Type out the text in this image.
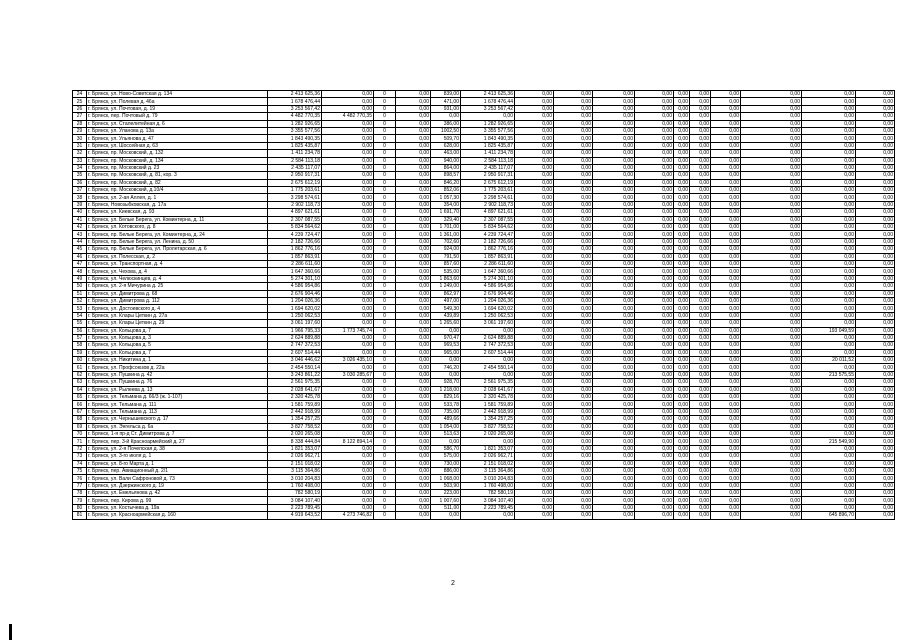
24	г. Брянск, ул. Ново-Советская д. 134	2 413 625,36	0,00	0	0,00	839,00	2 413 625,36	0,00	0,00	0,00	0,00	0,00	0,00	0,00	0,00	0,00	0,00
25	г. Брянск, ул. Полевая д. 46а	1 678 476,44	0,00	0	0,00	471,00	1 678 476,44	0,00	0,00	0,00	0,00	0,00	0,00	0,00	0,00	0,00	0,00
26	г. Брянск, ул. Почтовая, д. 19	3 253 567,42	0,00	0	0,00	931,00	3 253 567,42	0,00	0,00	0,00	0,00	0,00	0,00	0,00	0,00	0,00	0,00
27	г. Брянск, пер. Почтовый д. 79	4 482 770,35	4 482 770,35	0	0,00	0,00	0,00	0,00	0,00	0,00	0,00	0,00	0,00	0,00	0,00	0,00	0,00
28	г. Брянск, ул. Сталелитейная д. 6	1 282 926,65	0,00	0	0,00	386,00	1 282 926,65	0,00	0,00	0,00	0,00	0,00	0,00	0,00	0,00	0,00	0,00
29	г. Брянск, ул. Уланова д. 13а	3 355 577,56	0,00	0	0,00	1002,50	3 355 577,56	0,00	0,00	0,00	0,00	0,00	0,00	0,00	0,00	0,00	0,00
30	г. Брянск, ул. Ульянова д. 47	1 843 490,35	0,00	0	0,00	509,70	1 843 490,35	0,00	0,00	0,00	0,00	0,00	0,00	0,00	0,00	0,00	0,00
31	г. Брянск, ул. Шоссейная д. 63	1 825 435,87	0,00	0	0,00	628,00	1 825 435,87	0,00	0,00	0,00	0,00	0,00	0,00	0,00	0,00	0,00	0,00
32	г. Брянск, пр. Московский, д. 132	1 411 234,78	0,00	0	0,00	463,00	1 411 234,78	0,00	0,00	0,00	0,00	0,00	0,00	0,00	0,00	0,00	0,00
33	г. Брянск, пр. Московский, д. 134	2 584 113,18	0,00	0	0,00	940,00	2 584 113,18	0,00	0,00	0,00	0,00	0,00	0,00	0,00	0,00	0,00	0,00
34	г. Брянск, пр. Московский д. 23	2 435 117,07	0,00	0	0,00	864,00	2 435 117,07	0,00	0,00	0,00	0,00	0,00	0,00	0,00	0,00	0,00	0,00
35	г. Брянск, пр. Московский, д. 81, кор. 3	2 950 917,31	0,00	0	0,00	898,57	2 950 917,31	0,00	0,00	0,00	0,00	0,00	0,00	0,00	0,00	0,00	0,00
36	г. Брянск, пр. Московский, д. 82	2 675 612,19	0,00	0	0,00	846,20	2 675 612,19	0,00	0,00	0,00	0,00	0,00	0,00	0,00	0,00	0,00	0,00
37	г. Брянск, пр. Московский, д.10/4	1 775 203,61	0,00	0	0,00	852,06	1 775 203,61	0,00	0,00	0,00	0,00	0,00	0,00	0,00	0,00	0,00	0,00
38	г. Брянск, ул. 2-ая Аллея, д. 1	3 298 574,61	0,00	0	0,00	1 057,30	3 298 574,61	0,00	0,00	0,00	0,00	0,00	0,00	0,00	0,00	0,00	0,00
39	г. Брянск, Новозыбковская, д. 17а	2 902 118,73	0,00	0	0,00	354,00	2 902 118,73	0,00	0,00	0,00	0,00	0,00	0,00	0,00	0,00	0,00	0,00
40	г. Брянск, ул. Киевская, д. 93	4 897 621,61	0,00	0	0,00	1 691,70	4 897 621,61	0,00	0,00	0,00	0,00	0,00	0,00	0,00	0,00	0,00	0,00
41	г. Брянск, ул. Белые Берега, ул. Коминтерна, д. 11	2 307 087,55	0,00	0	0,00	329,40	2 307 087,55	0,00	0,00	0,00	0,00	0,00	0,00	0,00	0,00	0,00	0,00
42	г. Брянск, ул. Котовского, д. 8	5 834 564,62	0,00	0	0,00	1 701,00	5 834 564,62	0,00	0,00	0,00	0,00	0,00	0,00	0,00	0,00	0,00	0,00
43	г. Брянск, пр. Белые Берега, ул. Коминтерна, д. 24	4 239 724,47	0,00	0	0,00	1 361,00	4 239 724,47	0,00	0,00	0,00	0,00	0,00	0,00	0,00	0,00	0,00	0,00
44	г. Брянск, пр. Белые Берега, ул. Ленина, д. 50	2 182 726,66	0,00	0	0,00	702,60	2 182 726,66	0,00	0,00	0,00	0,00	0,00	0,00	0,00	0,00	0,00	0,00
45	г. Брянск, пр. Белые Берега, ул. Пролетарская, д. 6	1 862 776,16	0,00	0	0,00	924,00	1 862 776,16	0,00	0,00	0,00	0,00	0,00	0,00	0,00	0,00	0,00	0,00
46	г. Брянск, ул. Полесская, д. 2	1 857 863,91	0,00	0	0,00	791,50	1 857 863,91	0,00	0,00	0,00	0,00	0,00	0,00	0,00	0,00	0,00	0,00
47	г. Брянск, ул. Транспортная, д. 4	2 286 611,60	0,00	0	0,00	857,60	2 286 611,60	0,00	0,00	0,00	0,00	0,00	0,00	0,00	0,00	0,00	0,00
48	г. Брянск, ул. Чехова, д. 4	1 647 360,66	0,00	0	0,00	535,00	1 647 360,66	0,00	0,00	0,00	0,00	0,00	0,00	0,00	0,00	0,00	0,00
49	г. Брянск, ул. Челюскинцев, д. 4	5 274 301,10	0,00	0	0,00	1 863,60	5 274 301,10	0,00	0,00	0,00	0,00	0,00	0,00	0,00	0,00	0,00	0,00
50	г. Брянск, ул. 2-я Мичурина д. 25	4 586 954,86	0,00	0	0,00	1 249,00	4 586 954,86	0,00	0,00	0,00	0,00	0,00	0,00	0,00	0,00	0,00	0,00
51	г. Брянск, ул. Димитрова д. 68	2 676 904,46	0,00	0	0,00	862,97	2 676 904,46	0,00	0,00	0,00	0,00	0,00	0,00	0,00	0,00	0,00	0,00
52	г. Брянск, ул. Димитрова д. 112	1 204 026,36	0,00	0	0,00	497,00	1 204 026,36	0,00	0,00	0,00	0,00	0,00	0,00	0,00	0,00	0,00	0,00
53	г. Брянск, ул. Достоевского д. 4	1 694 620,02	0,00	0	0,00	549,30	1 694 620,02	0,00	0,00	0,00	0,00	0,00	0,00	0,00	0,00	0,00	0,00
54	г. Брянск, ул. Клары Цеткин д. 27а	1 250 062,53	0,00	0	0,00	439,89	1 250 062,53	0,00	0,00	0,00	0,00	0,00	0,00	0,00	0,00	0,00	0,00
55	г. Брянск, ул. Клары Цеткин д. 29	3 061 197,60	0,00	0	0,00	1 265,60	3 061 197,60	0,00	0,00	0,00	0,00	0,00	0,00	0,00	0,00	0,00	0,00
56	г. Брянск, ул. Кольцова д. 7	1 966 795,33	1 773 745,74	0	0,00	0,00	0,00	0,00	0,00	0,00	0,00	0,00	0,00	0,00	0,00	193 049,59	0,00
57	г. Брянск, ул. Кольцова д. 3	2 624 889,88	0,00	0	0,00	970,47	2 624 889,88	0,00	0,00	0,00	0,00	0,00	0,00	0,00	0,00	0,00	0,00
58	г. Брянск, ул. Кольцова д. 5	2 747 372,53	0,00	0	0,00	969,53	2 747 372,53	0,00	0,00	0,00	0,00	0,00	0,00	0,00	0,00	0,00	0,00
59	г. Брянск, ул. Кольцова д. 7	2 607 514,44	0,00	0	0,00	965,00	2 607 514,44	0,00	0,00	0,00	0,00	0,00	0,00	0,00	0,00	0,00	0,00
60	г. Брянск, ул. Никитина д. 1	3 046 446,62	3 026 435,10	0	0,00	0,00	0,00	0,00	0,00	0,00	0,00	0,00	0,00	0,00	0,00	20 011,52	0,00
61	г. Брянск, ул. Профсоюзов д. 22а	2 454 550,14	0,00	0	0,00	746,20	2 454 550,14	0,00	0,00	0,00	0,00	0,00	0,00	0,00	0,00	0,00	0,00
62	г. Брянск, ул. Пушкина д. 42	3 243 861,22	3 030 285,67	0	0,00	0,00	0,00	0,00	0,00	0,00	0,00	0,00	0,00	0,00	0,00	213 575,55	0,00
63	г. Брянск, ул. Пушкина д. 76	2 561 975,35	0,00	0	0,00	928,70	2 561 975,35	0,00	0,00	0,00	0,00	0,00	0,00	0,00	0,00	0,00	0,00
64	г. Брянск, ул. Рылеева д. 13	2 028 641,67	0,00	0	0,00	1 218,00	2 028 641,67	0,00	0,00	0,00	0,00	0,00	0,00	0,00	0,00	0,00	0,00
65	г. Брянск, ул. Тельмана д. 66/3 (ж. 1-107)	2 320 425,78	0,00	0	0,00	829,16	2 320 425,78	0,00	0,00	0,00	0,00	0,00	0,00	0,00	0,00	0,00	0,00
66	г. Брянск, ул. Тельмана д. 111	1 581 759,89	0,00	0	0,00	533,78	1 581 759,89	0,00	0,00	0,00	0,00	0,00	0,00	0,00	0,00	0,00	0,00
67	г. Брянск, ул. Тельмана д. 113	2 442 918,99	0,00	0	0,00	735,00	2 442 918,99	0,00	0,00	0,00	0,00	0,00	0,00	0,00	0,00	0,00	0,00
68	г. Брянск, ул. Чернышевского д. 17	1 354 257,25	0,00	0	0,00	489,66	1 354 257,25	0,00	0,00	0,00	0,00	0,00	0,00	0,00	0,00	0,00	0,00
69	г. Брянск, ул. Энгельса д. 6а	3 827 758,52	0,00	0	0,00	1 054,00	3 827 758,52	0,00	0,00	0,00	0,00	0,00	0,00	0,00	0,00	0,00	0,00
70	г. Брянск, 1-я пр-д Ст. Димитрова д. 7	2 020 265,08	0,00	0	0,00	513,63	2 020 265,08	0,00	0,00	0,00	0,00	0,00	0,00	0,00	0,00	0,00	0,00
71	г. Брянск, пер. 3-й Красноармейский д. 27	8 338 444,84	8 122 894,14	0	0,00	0,00	0,00	0,00	0,00	0,00	0,00	0,00	0,00	0,00	0,00	215 549,90	0,00
72	г. Брянск, ул. 2-я Почепская д. 38	1 821 353,07	0,00	0	0,00	586,70	1 821 353,07	0,00	0,00	0,00	0,00	0,00	0,00	0,00	0,00	0,00	0,00
73	г. Брянск, ул. 3-го июля д. 1	2 026 962,71	0,00	0	0,00	575,00	2 026 962,71	0,00	0,00	0,00	0,00	0,00	0,00	0,00	0,00	0,00	0,00
74	г. Брянск, ул. 8-го Марта д. 1	2 151 018,02	0,00	0	0,00	730,00	2 151 018,02	0,00	0,00	0,00	0,00	0,00	0,00	0,00	0,00	0,00	0,00
75	г. Брянск, пер. Авиационный д. 2/1	3 115 364,86	0,00	0	0,00	886,00	3 115 364,86	0,00	0,00	0,00	0,00	0,00	0,00	0,00	0,00	0,00	0,00
76	г. Брянск, ул. Вали Сафроновой д. 73	3 010 204,83	0,00	0	0,00	1 068,00	3 010 204,83	0,00	0,00	0,00	0,00	0,00	0,00	0,00	0,00	0,00	0,00
77	г. Брянск, ул. Дзержинского д. 19	1 760 498,00	0,00	0	0,00	503,90	1 760 498,00	0,00	0,00	0,00	0,00	0,00	0,00	0,00	0,00	0,00	0,00
78	г. Брянск, ул. Емельянова д. 42	782 580,19	0,00	0	0,00	223,00	782 580,19	0,00	0,00	0,00	0,00	0,00	0,00	0,00	0,00	0,00	0,00
79	г. Брянск, пер. Кирова д. 99	3 084 107,40	0,00	0	0,00	1 007,60	3 084 107,40	0,00	0,00	0,00	0,00	0,00	0,00	0,00	0,00	0,00	0,00
80	г. Брянск, ул. Костычева д. 19а	2 223 789,45	0,00	0	0,00	511,00	2 223 789,45	0,00	0,00	0,00	0,00	0,00	0,00	0,00	0,00	0,00	0,00
81	г. Брянск, ул. Красноармейская д. 160	4 919 643,52	4 273 746,82	0	0,00	0,00	0,00	0,00	0,00	0,00	0,00	0,00	0,00	0,00	0,00	645 896,70	0,00
2
